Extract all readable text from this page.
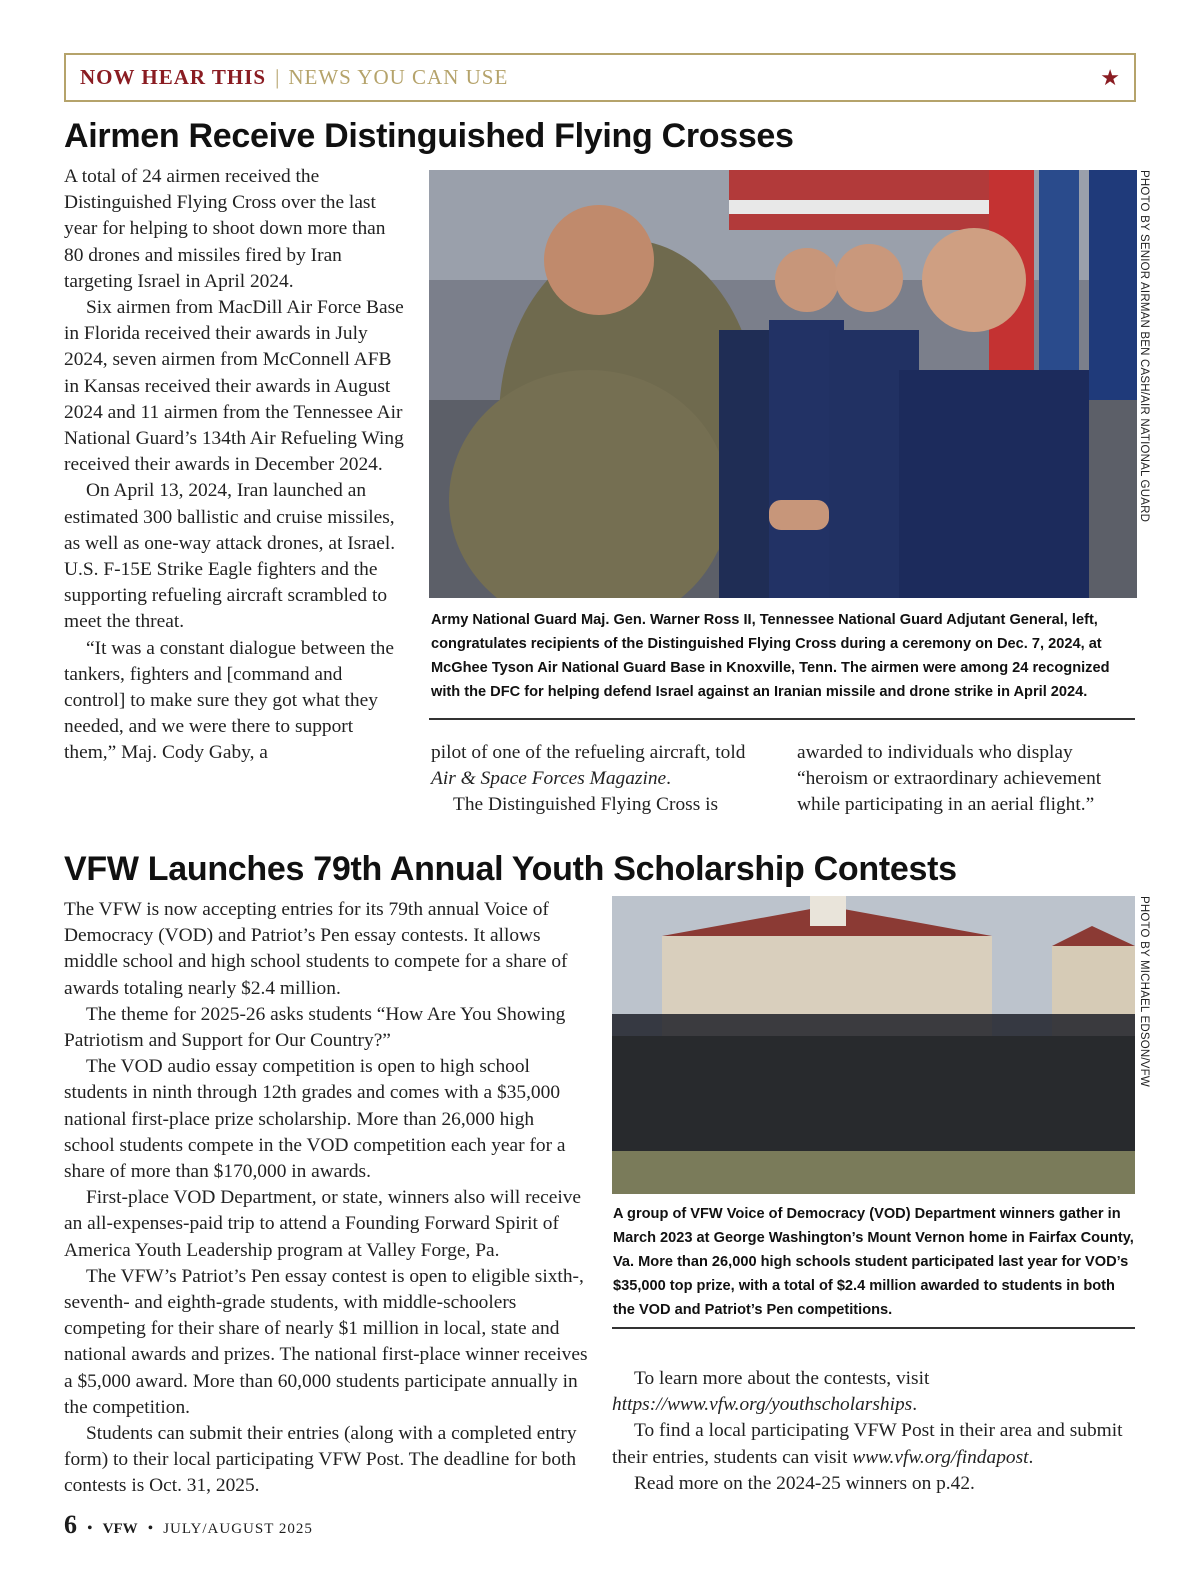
NOW HEAR THIS | NEWS YOU CAN USE	★
Airmen Receive Distinguished Flying Crosses

A total of 24 airmen received the Distinguished Flying Cross over the last year for helping to shoot down more than 80 drones and missiles fired by Iran targeting Israel in April 2024.

Six airmen from MacDill Air Force Base in Florida received their awards in July 2024, seven airmen from McConnell AFB in Kansas received their awards in August 2024 and 11 airmen from the Tennessee Air National Guard’s 134th Air Refueling Wing received their awards in December 2024.

On April 13, 2024, Iran launched an estimated 300 ballistic and cruise missiles, as well as one-way attack drones, at Israel. U.S. F-15E Strike Eagle fighters and the supporting refueling aircraft scrambled to meet the threat.

“It was a constant dialogue between the tankers, fighters and [command and control] to make sure they got what they needed, and we were there to support them,” Maj. Cody Gaby, a

PHOTO BY SENIOR AIRMAN BEN CASH/AIR NATIONAL GUARD
Army National Guard Maj. Gen. Warner Ross II, Tennessee National Guard Adjutant General, left, congratulates recipients of the Distinguished Flying Cross during a ceremony on Dec. 7, 2024, at McGhee Tyson Air National Guard Base in Knoxville, Tenn. The airmen were among 24 recognized with the DFC for helping defend Israel against an Iranian missile and drone strike in April 2024.

pilot of one of the refueling aircraft, told Air & Space Forces Magazine.

The Distinguished Flying Cross is

awarded to individuals who display “heroism or extraordinary achievement while participating in an aerial flight.”

VFW Launches 79th Annual Youth Scholarship Contests

The VFW is now accepting entries for its 79th annual Voice of Democracy (VOD) and Patriot’s Pen essay contests. It allows middle school and high school students to compete for a share of awards totaling nearly $2.4 million.

The theme for 2025-26 asks students “How Are You Showing Patriotism and Support for Our Country?”

The VOD audio essay competition is open to high school students in ninth through 12th grades and comes with a $35,000 national first-place prize scholarship. More than 26,000 high school students compete in the VOD competition each year for a share of more than $170,000 in awards.

First-place VOD Department, or state, winners also will receive an all-expenses-paid trip to attend a Founding Forward Spirit of America Youth Leadership program at Valley Forge, Pa.

The VFW’s Patriot’s Pen essay contest is open to eligible sixth-, seventh- and eighth-grade students, with middle-schoolers competing for their share of nearly $1 million in local, state and national awards and prizes. The national first-place winner receives a $5,000 award. More than 60,000 students participate annually in the competition.

Students can submit their entries (along with a completed entry form) to their local participating VFW Post. The deadline for both contests is Oct. 31, 2025.

PHOTO BY MICHAEL EDSON/VFW
A group of VFW Voice of Democracy (VOD) Department winners gather in March 2023 at George Washington’s Mount Vernon home in Fairfax County, Va. More than 26,000 high schools student participated last year for VOD’s $35,000 top prize, with a total of $2.4 million awarded to students in both the VOD and Patriot’s Pen competitions.

To learn more about the contests, visit https://www.vfw.org/youthscholarships.

To find a local participating VFW Post in their area and submit their entries, students can visit www.vfw.org/findapost.

Read more on the 2024-25 winners on p.42.

6 • VFW • JULY/AUGUST 2025
